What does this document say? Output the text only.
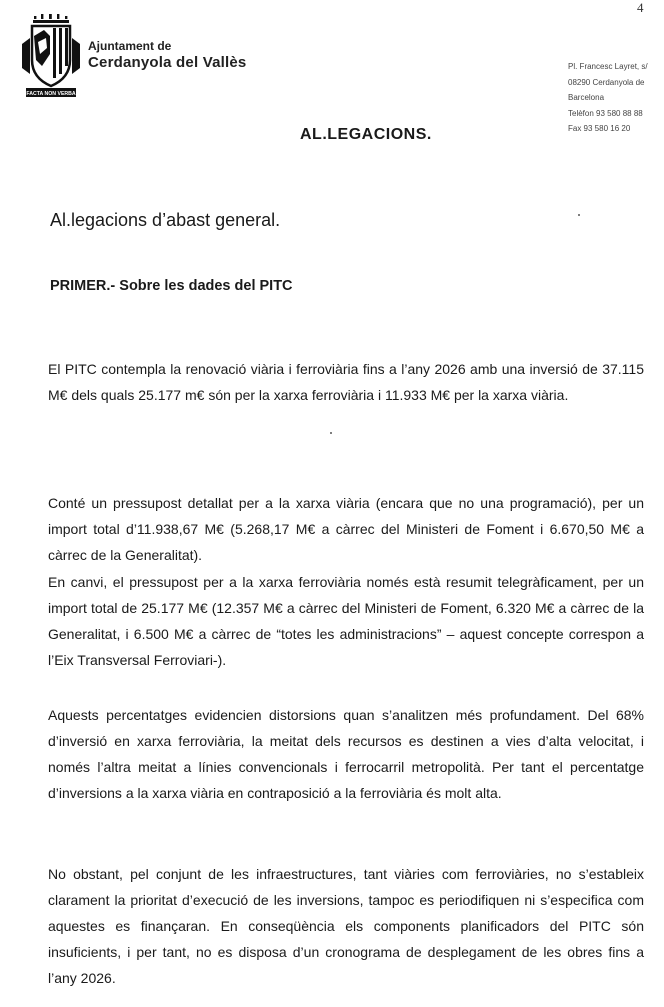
4
FACTA NON VERBA
Ajuntament de
Cerdanyola del Vallès	Pl. Francesc Layret, s/
08290 Cerdanyola de
Barcelona
Telèfon 93 580 88 88
Fax 93 580 16 20
AL.LEGACIONS.
Al.legacions d’abast general.
PRIMER.- Sobre les dades del PITC

El PITC contempla la renovació viària i ferroviària fins a l’any 2026 amb una inversió de 37.115 M€ dels quals 25.177 m€ són per la xarxa ferroviària i 11.933 M€ per la xarxa viària.

Conté un pressupost detallat per a la xarxa viària (encara que no una programació), per un import total d’11.938,67 M€ (5.268,17 M€ a càrrec del Ministeri de Foment i 6.670,50 M€ a càrrec de la Generalitat).

En canvi, el pressupost per a la xarxa ferroviària només està resumit telegràficament, per un import total de 25.177 M€ (12.357 M€ a càrrec del Ministeri de Foment, 6.320 M€ a càrrec de la Generalitat, i 6.500 M€ a càrrec de “totes les administracions” – aquest concepte correspon a l’Eix Transversal Ferroviari-).

Aquests percentatges evidencien distorsions quan s’analitzen més profundament. Del 68% d’inversió en xarxa ferroviària, la meitat dels recursos es destinen a vies d’alta velocitat, i només l’altra meitat a línies convencionals i ferrocarril metropolità. Per tant el percentatge d’inversions a la xarxa viària en contraposició a la ferroviària és molt alta.

No obstant, pel conjunt de les infraestructures, tant viàries com ferroviàries, no s’estableix clarament la prioritat d’execució de les inversions, tampoc es periodifiquen ni s’especifica com aquestes es finançaran. En conseqüència els components planificadors del PITC són insuficients, i per tant, no es disposa d’un cronograma de desplegament de les obres fins a l’any 2026.
